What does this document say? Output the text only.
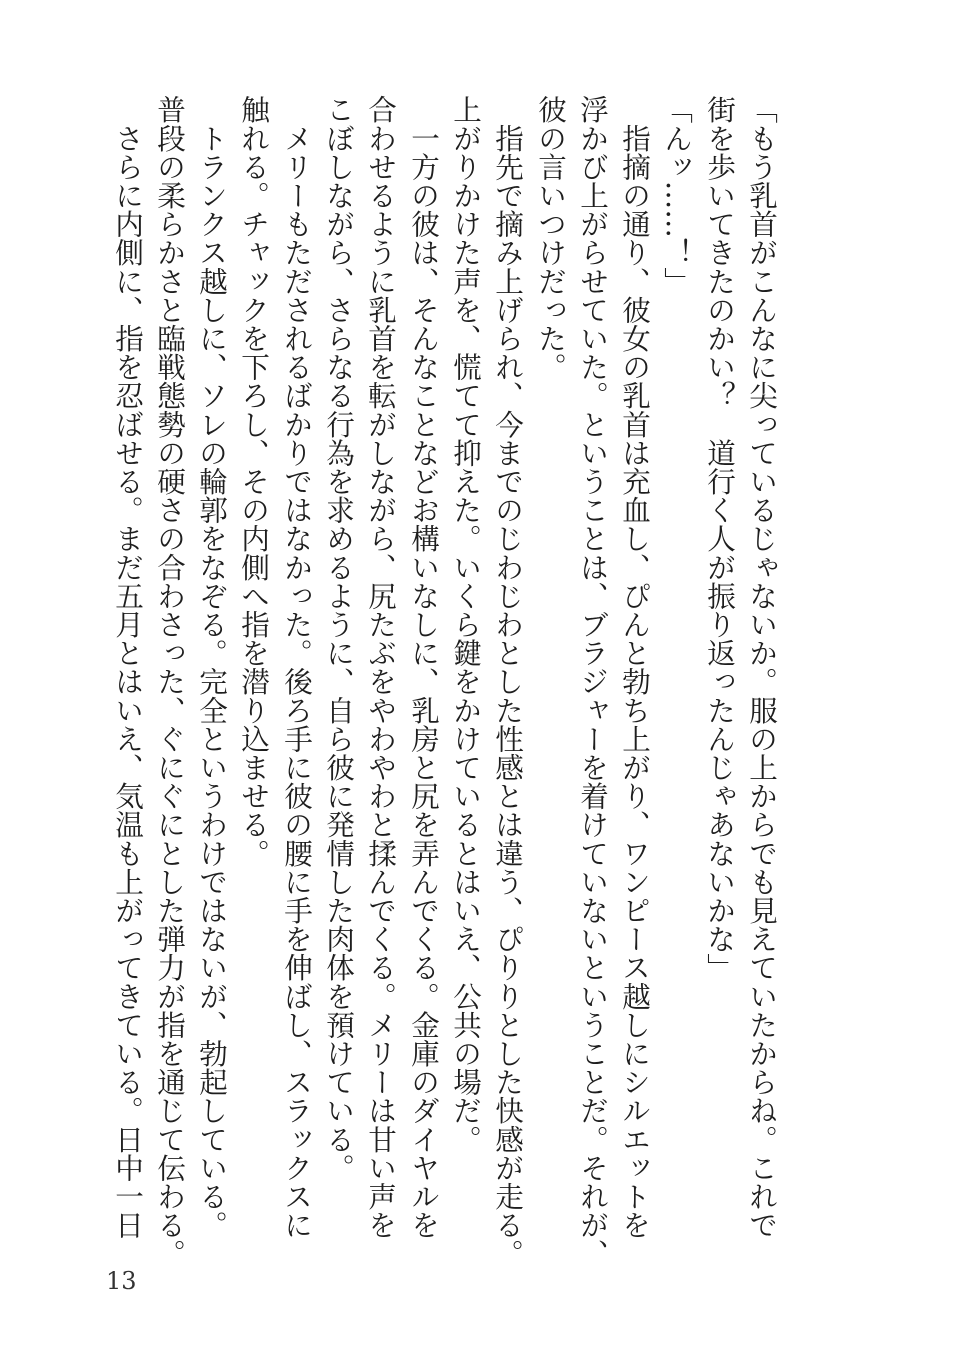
「もう乳首がこんなに尖っているじゃないか。服の上からでも見えていたからね。これで
街を歩いてきたのかい？　道行く人が振り返ったんじゃあないかな」
「んッ……！」
　指摘の通り、彼女の乳首は充血し、ぴんと勃ち上がり、ワンピース越しにシルエットを
浮かび上がらせていた。ということは、ブラジャーを着けていないということだ。それが、
彼の言いつけだった。
　指先で摘み上げられ、今までのじわじわとした性感とは違う、ぴりりとした快感が走る。
上がりかけた声を、慌てて抑えた。いくら鍵をかけているとはいえ、公共の場だ。
　一方の彼は、そんなことなどお構いなしに、乳房と尻を弄んでくる。金庫のダイヤルを
合わせるように乳首を転がしながら、尻たぶをやわやわと揉んでくる。メリーは甘い声を
こぼしながら、さらなる行為を求めるように、自ら彼に発情した肉体を預けている。
　メリーもただされるばかりではなかった。後ろ手に彼の腰に手を伸ばし、スラックスに
触れる。チャックを下ろし、その内側へ指を潜り込ませる。
　トランクス越しに、ソレの輪郭をなぞる。完全というわけではないが、勃起している。
普段の柔らかさと臨戦態勢の硬さの合わさった、ぐにぐにとした弾力が指を通じて伝わる。
　さらに内側に、指を忍ばせる。まだ五月とはいえ、気温も上がってきている。日中一日
13
